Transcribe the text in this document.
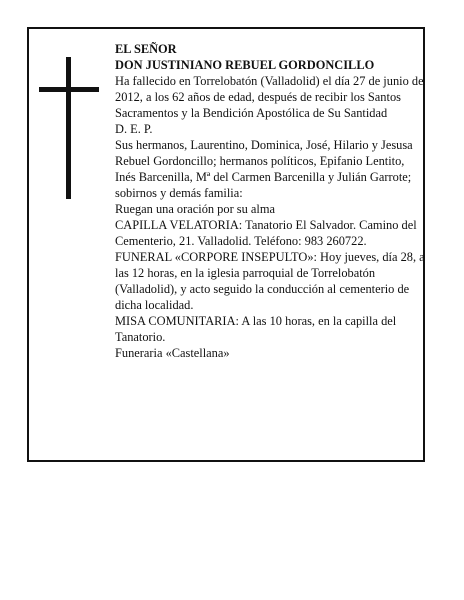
EL SEÑOR
DON JUSTINIANO REBUEL GORDONCILLO
Ha fallecido en Torrelobatón (Valladolid) el día 27 de junio de 2012, a los 62 años de edad, después de recibir los Santos Sacramentos y la Bendición Apostólica de Su Santidad
D. E. P.
Sus hermanos, Laurentino, Dominica, José, Hilario y Jesusa Rebuel Gordoncillo; hermanos políticos, Epifanio Lentito, Inés Barcenilla, Mª del Carmen Barcenilla y Julián Garrote; sobirnos y demás familia:
Ruegan una oración por su alma
CAPILLA VELATORIA: Tanatorio El Salvador. Camino del Cementerio, 21. Valladolid. Teléfono: 983 260722.
FUNERAL «CORPORE INSEPULTO»: Hoy jueves, día 28, a las 12 horas, en la iglesia parroquial de Torrelobatón (Valladolid), y acto seguido la conducción al cementerio de dicha localidad.
MISA COMUNITARIA: A las 10 horas, en la capilla del Tanatorio.
Funeraria «Castellana»
